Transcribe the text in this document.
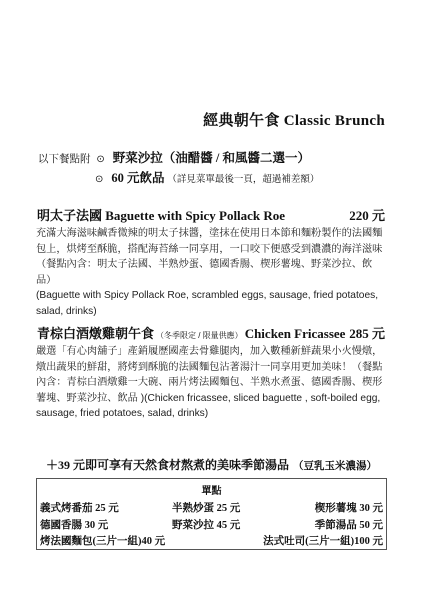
經典朝午食 Classic Brunch
以下餐點附 ⊙ 野菜沙拉（油醋醬 / 和風醬二選一）
⊙ 60 元飲品 （詳見菜單最後一頁，超過補差額）
明太子法國 Baguette with Spicy Pollack Roe	220 元

充滿大海滋味鹹香微辣的明太子抹醬，塗抹在使用日本節和麵粉製作的法國麵包上，烘烤至酥脆，搭配海苔絲一同享用，一口咬下便感受到濃濃的海洋滋味

（餐點內含：明太子法國、半熟炒蛋、德國香腸、楔形薯塊、野菜沙拉、飲品）

(Baguette with Spicy Pollack Roe, scrambled eggs, sausage, fried potatoes, salad, drinks)

青棕白酒燉雞朝午食 （冬季限定 / 限量供應） Chicken Fricassee 285 元

嚴選「有心肉舖子」產銷履歷國產去骨雞腿肉，加入數種新鮮蔬果小火慢燉，燉出蔬果的鮮甜，將烤到酥脆的法國麵包沾著湯汁一同享用更加美味！（餐點內含：青棕白酒燉雞一大碗、兩片烤法國麵包、半熟水煮蛋、德國香腸、楔形薯塊、野菜沙拉、飲品 )(Chicken fricassee, sliced baguette , soft-boiled egg, sausage, fried potatoes, salad, drinks)

＋39 元即可享有天然食材熬煮的美味季節湯品 （豆乳玉米濃湯）
單點
義式烤番茄 25 元	半熟炒蛋 25 元	楔形薯塊 30 元
德國香腸 30 元	野菜沙拉 45 元	季節湯品 50 元
烤法國麵包(三片一組)40 元	法式吐司(三片一組)100 元
